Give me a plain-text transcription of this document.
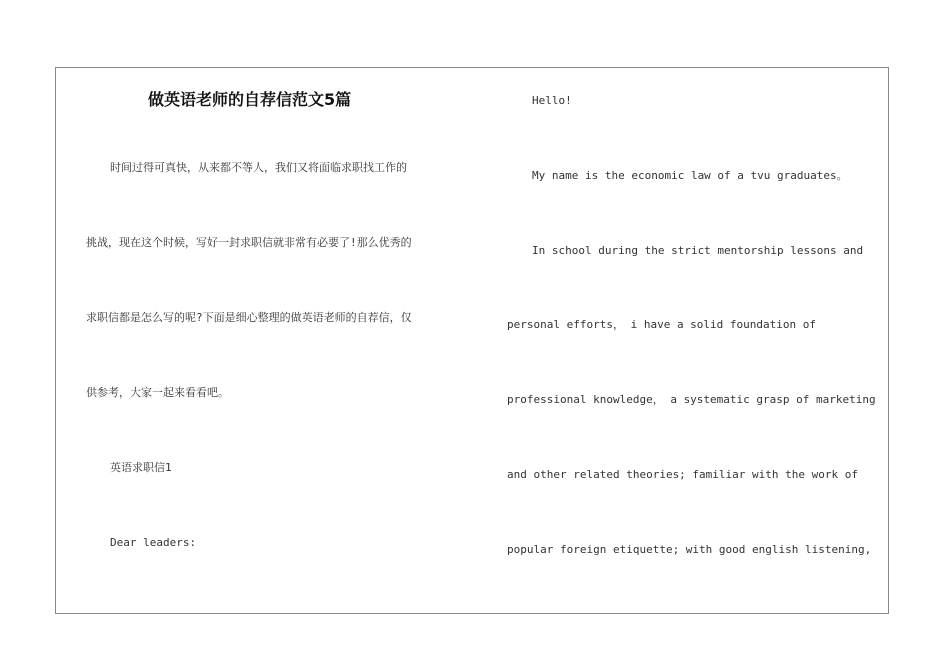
做英语老师的自荐信范文5篇
时间过得可真快，从来都不等人，我们又将面临求职找工作的
挑战，现在这个时候，写好一封求职信就非常有必要了!那么优秀的
求职信都是怎么写的呢?下面是细心整理的做英语老师的自荐信，仅
供参考，大家一起来看看吧。
英语求职信1
Dear leaders:
Hello!
My name is the economic law of a tvu graduates。
In school during the strict mentorship lessons and
personal efforts， i have a solid foundation of
professional knowledge， a systematic grasp of marketing
and other related theories; familiar with the work of
popular foreign etiquette; with good english listening,
